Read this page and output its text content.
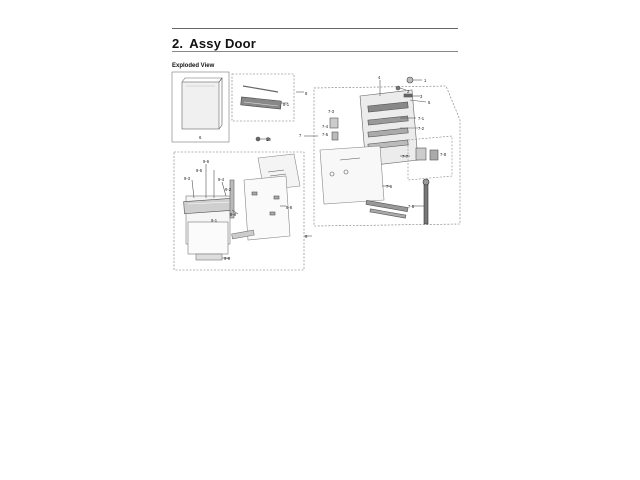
2. Assy Door
Exploded View
6
8
8-1
10
9
9-6
9-5
9-3	9-4
9-2
9-1
9-8
9-8
9-9
1
2
3
5
4
7
7-1
7-2
7-3
7-4
7-5
7-6
7-7	7-8
7-6
